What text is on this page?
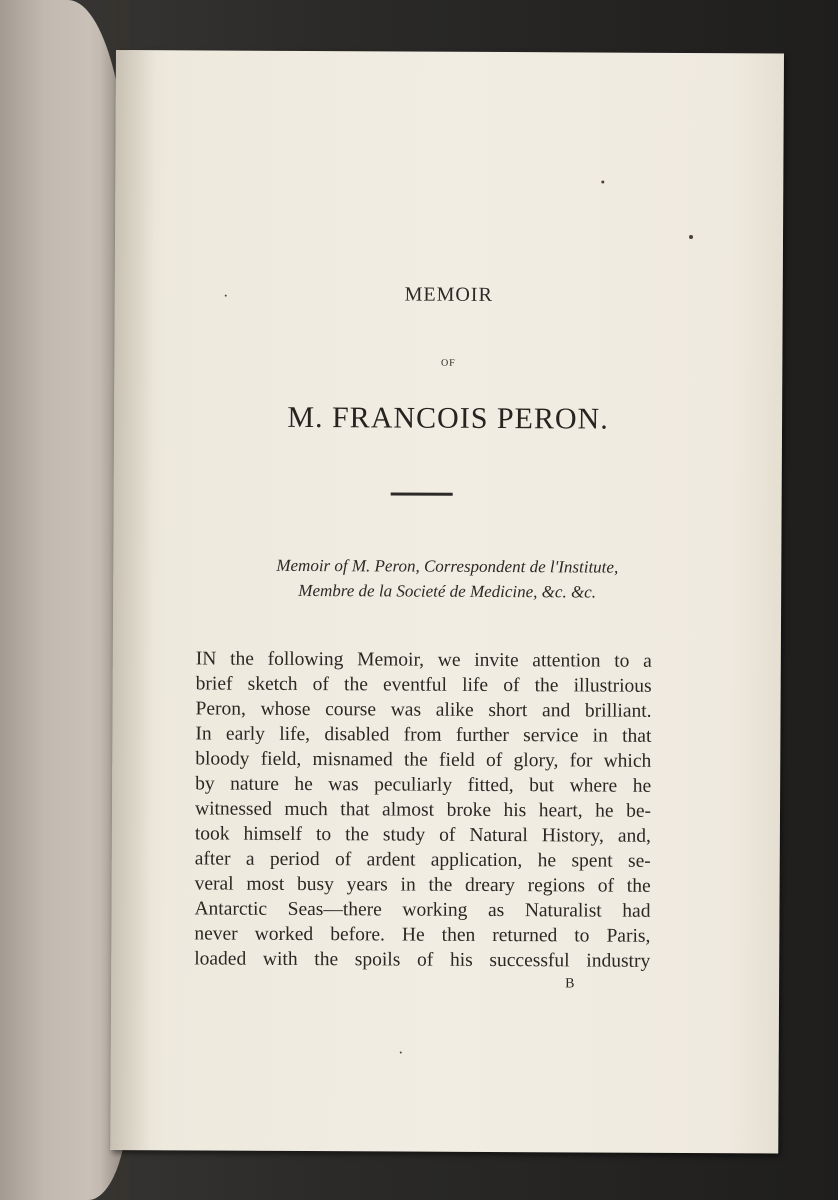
MEMOIR
OF
M. FRANCOIS PERON.
Memoir of M. Peron, Correspondent de l'Institute,
Membre de la Societé de Medicine, &c. &c.
IN the following Memoir, we invite attention to a
brief sketch of the eventful life of the illustrious
Peron, whose course was alike short and brilliant.
In early life, disabled from further service in that
bloody field, misnamed the field of glory, for which
by nature he was peculiarly fitted, but where he
witnessed much that almost broke his heart, he be-
took himself to the study of Natural History, and,
after a period of ardent application, he spent se-
veral most busy years in the dreary regions of the
Antarctic Seas—there working as Naturalist had
never worked before. He then returned to Paris,
loaded with the spoils of his successful industry
B
